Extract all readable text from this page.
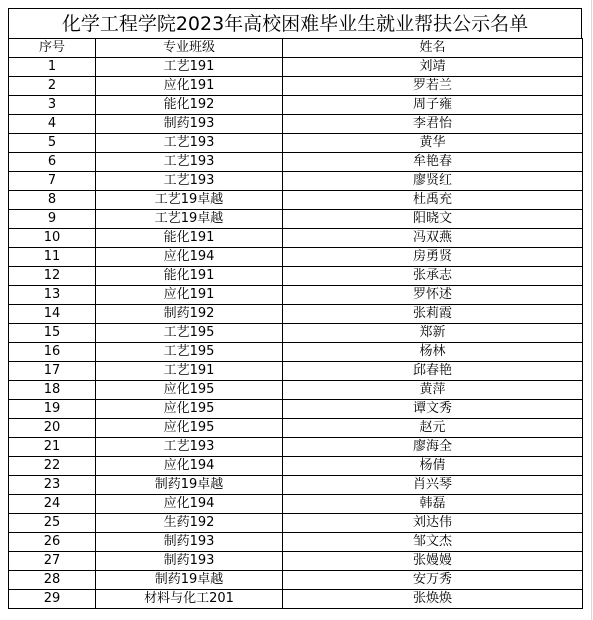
化学工程学院2023年高校困难毕业生就业帮扶公示名单
序号	专业班级	姓名
1	工艺191	刘靖
2	应化191	罗若兰
3	能化192	周子雍
4	制药193	李君怡
5	工艺193	黄华
6	工艺193	牟艳春
7	工艺193	廖贤红
8	工艺19卓越	杜禹充
9	工艺19卓越	阳晓文
10	能化191	冯双燕
11	应化194	房勇贤
12	能化191	张承志
13	应化191	罗怀述
14	制药192	张莉霞
15	工艺195	郑新
16	工艺195	杨林
17	工艺191	邱春艳
18	应化195	黄萍
19	应化195	谭文秀
20	应化195	赵元
21	工艺193	廖海全
22	应化194	杨倩
23	制药19卓越	肖兴琴
24	应化194	韩磊
25	生药192	刘达伟
26	制药193	邹文杰
27	制药193	张嫚嫚
28	制药19卓越	安万秀
29	材料与化工201	张焕焕
